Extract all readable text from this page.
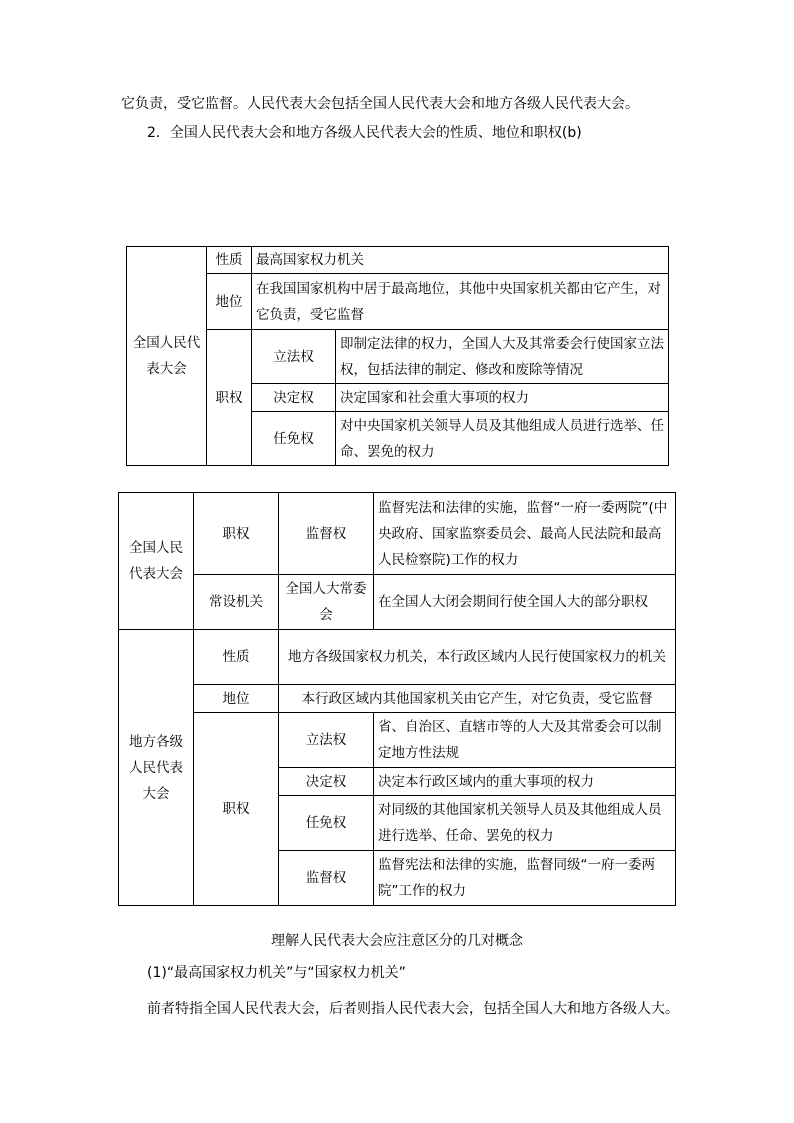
它负责，受它监督。人民代表大会包括全国人民代表大会和地方各级人民代表大会。
2．全国人民代表大会和地方各级人民代表大会的性质、地位和职权(b)
全国人民代表大会	性质	最高国家权力机关	
	地位	在我国国家机构中居于最高地位，其他中央国家机关都由它产生，对它负责，受它监督	
	职权	立法权	即制定法律的权力，全国人大及其常委会行使国家立法权，包括法律的制定、修改和废除等情况
		决定权	决定国家和社会重大事项的权力
		任免权	对中央国家机关领导人员及其他组成人员进行选举、任命、罢免的权力
全国人民代表大会	职权	监督权	监督宪法和法律的实施，监督“一府一委两院”(中央政府、国家监察委员会、最高人民法院和最高人民检察院)工作的权力
	常设机关	全国人大常委会	在全国人大闭会期间行使全国人大的部分职权
地方各级人民代表大会	性质	地方各级国家权力机关，本行政区域内人民行使国家权力的机关	
	地位	本行政区域内其他国家机关由它产生，对它负责，受它监督	
	职权	立法权	省、自治区、直辖市等的人大及其常委会可以制定地方性法规
		决定权	决定本行政区域内的重大事项的权力
		任免权	对同级的其他国家机关领导人员及其他组成人员进行选举、任命、罢免的权力
		监督权	监督宪法和法律的实施，监督同级“一府一委两院”工作的权力
理解人民代表大会应注意区分的几对概念
(1)“最高国家权力机关”与“国家权力机关”
前者特指全国人民代表大会，后者则指人民代表大会，包括全国人大和地方各级人大。
